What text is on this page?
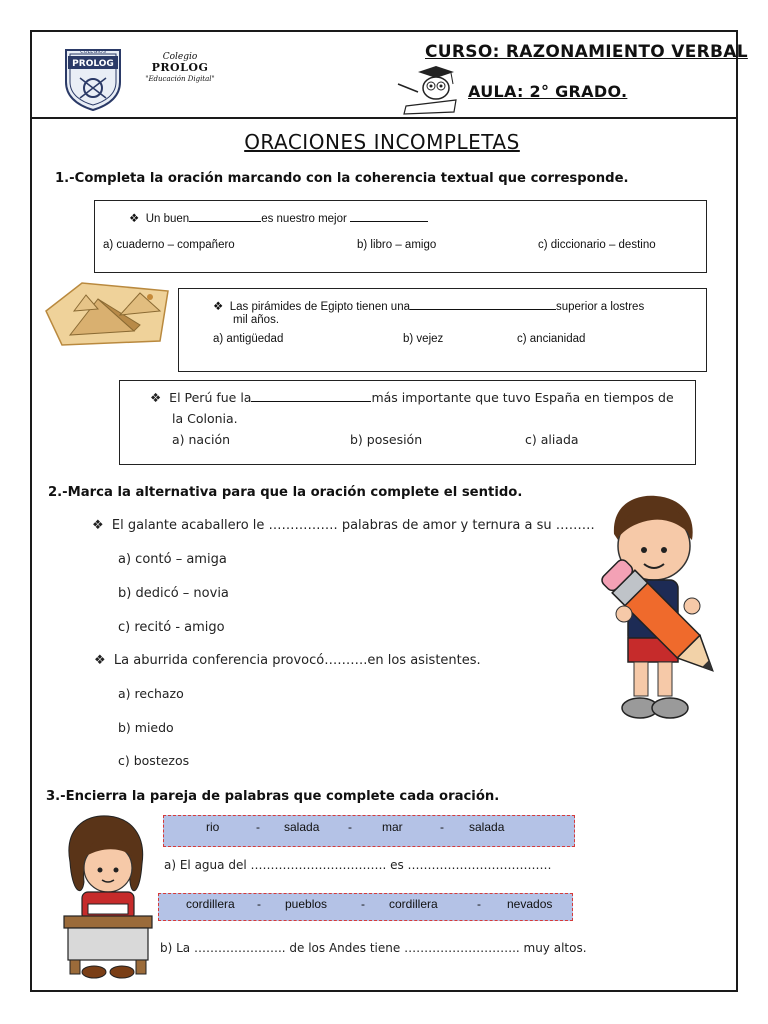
COLEGIOS
PROLOG
Colegio
PROLOG
"Educación Digital"
CURSO: RAZONAMIENTO VERBAL
AULA: 2° GRADO.
ORACIONES INCOMPLETAS
1.-Completa la oración marcando con la coherencia textual que corresponde.
❖ Un buen	es nuestro mejor
a) cuaderno – compañero	b) libro – amigo	c) diccionario – destino
❖ Las pirámides de Egipto tienen una	superior a lostres
mil años.
a) antigüedad	b) vejez	c) ancianidad
❖ El Perú fue la	más importante que tuvo España en tiempos de
la Colonia.
a) nación	b) posesión	c) aliada
2.-Marca la alternativa para que la oración complete el sentido.
❖ El galante acaballero le ……………. palabras de amor y ternura a su ………
a) contó – amiga
b) dedicó – novia
c) recitó - amigo
❖ La aburrida conferencia provocó……….en los asistentes.
a) rechazo
b) miedo
c) bostezos
3.-Encierra la pareja de palabras que complete cada oración.
rio	- salada -	mar	- salada
a) El agua del ……………………………. es ………………………………
cordillera - pueblos	- cordillera	- nevados
b) La ………………….. de los Andes tiene ……………………….. muy altos.
